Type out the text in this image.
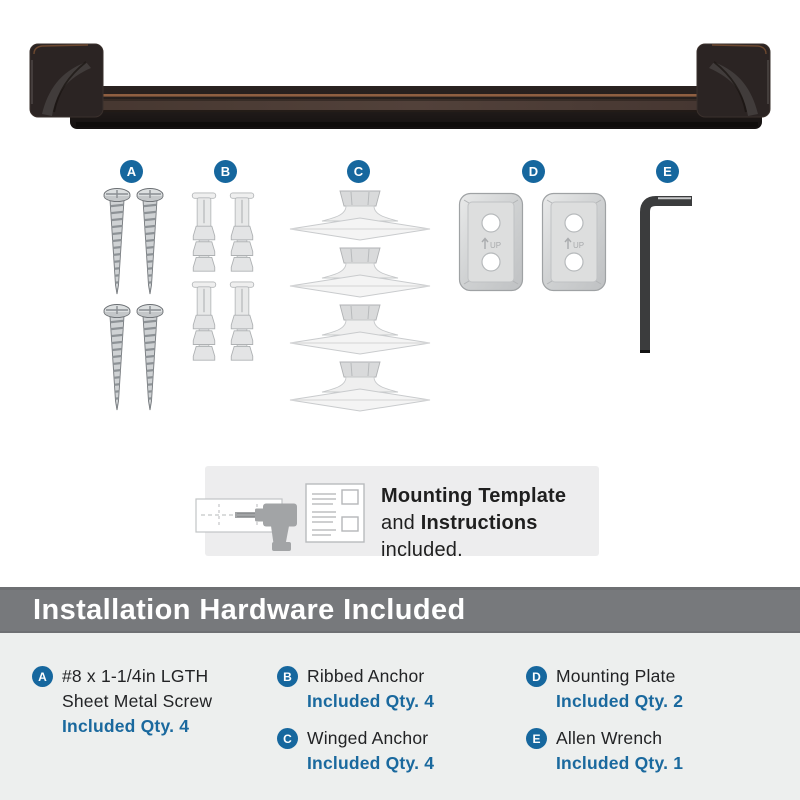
A	B	C	D	E
Mounting Template and Instructions included.
Installation Hardware Included
A #8 x 1-1/4in LGTH
Sheet Metal Screw
Included Qty. 4
B Ribbed Anchor
Included Qty. 4
C Winged Anchor
Included Qty. 4
D Mounting Plate
Included Qty. 2
E Allen Wrench
Included Qty. 1
